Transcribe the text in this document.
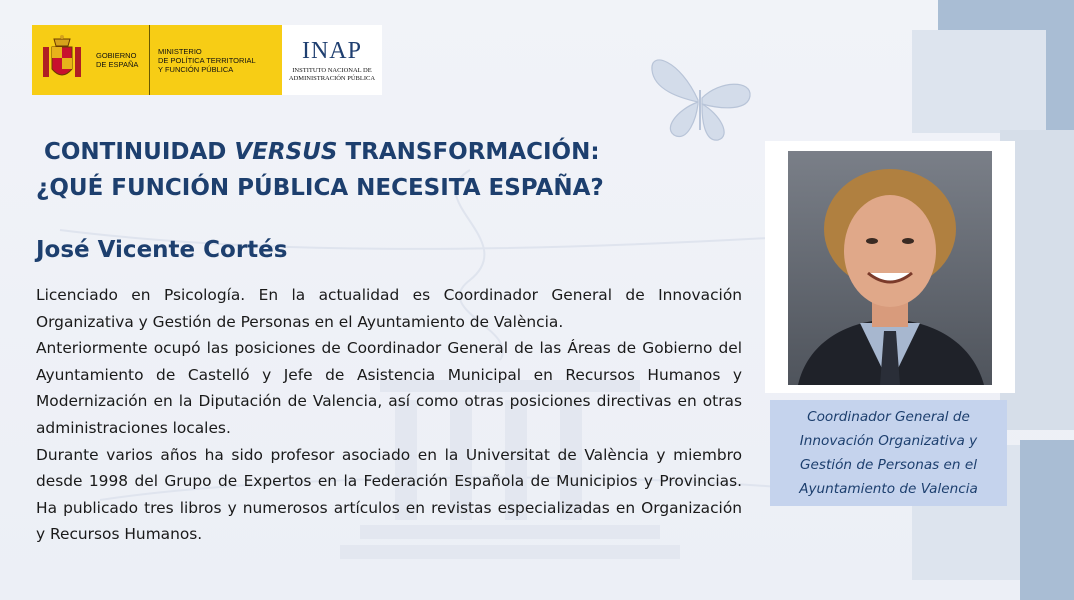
GOBIERNO
DE ESPAÑA
MINISTERIO
DE POLÍTICA TERRITORIAL
Y FUNCIÓN PÚBLICA
INAP
INSTITUTO NACIONAL DE
ADMINISTRACIÓN PÚBLICA
CONTINUIDAD VERSUS TRANSFORMACIÓN:
¿QUÉ FUNCIÓN PÚBLICA NECESITA ESPAÑA?
José Vicente Cortés

Licenciado en Psicología. En la actualidad es Coordinador General de Innovación Organizativa y Gestión de Personas en el Ayuntamiento de València.

Anteriormente ocupó las posiciones de Coordinador General de las Áreas de Gobierno del Ayuntamiento de Castelló y Jefe de Asistencia Municipal en Recursos Humanos y Modernización en la Diputación de Valencia, así como otras posiciones directivas en otras administraciones locales.

Durante varios años ha sido profesor asociado en la Universitat de València y miembro desde 1998 del Grupo de Expertos en la Federación Española de Municipios y Provincias. Ha publicado tres libros y numerosos artículos en revistas especializadas en Organización y Recursos Humanos.

Coordinador General de
Innovación Organizativa y
Gestión de Personas en el
Ayuntamiento de Valencia
